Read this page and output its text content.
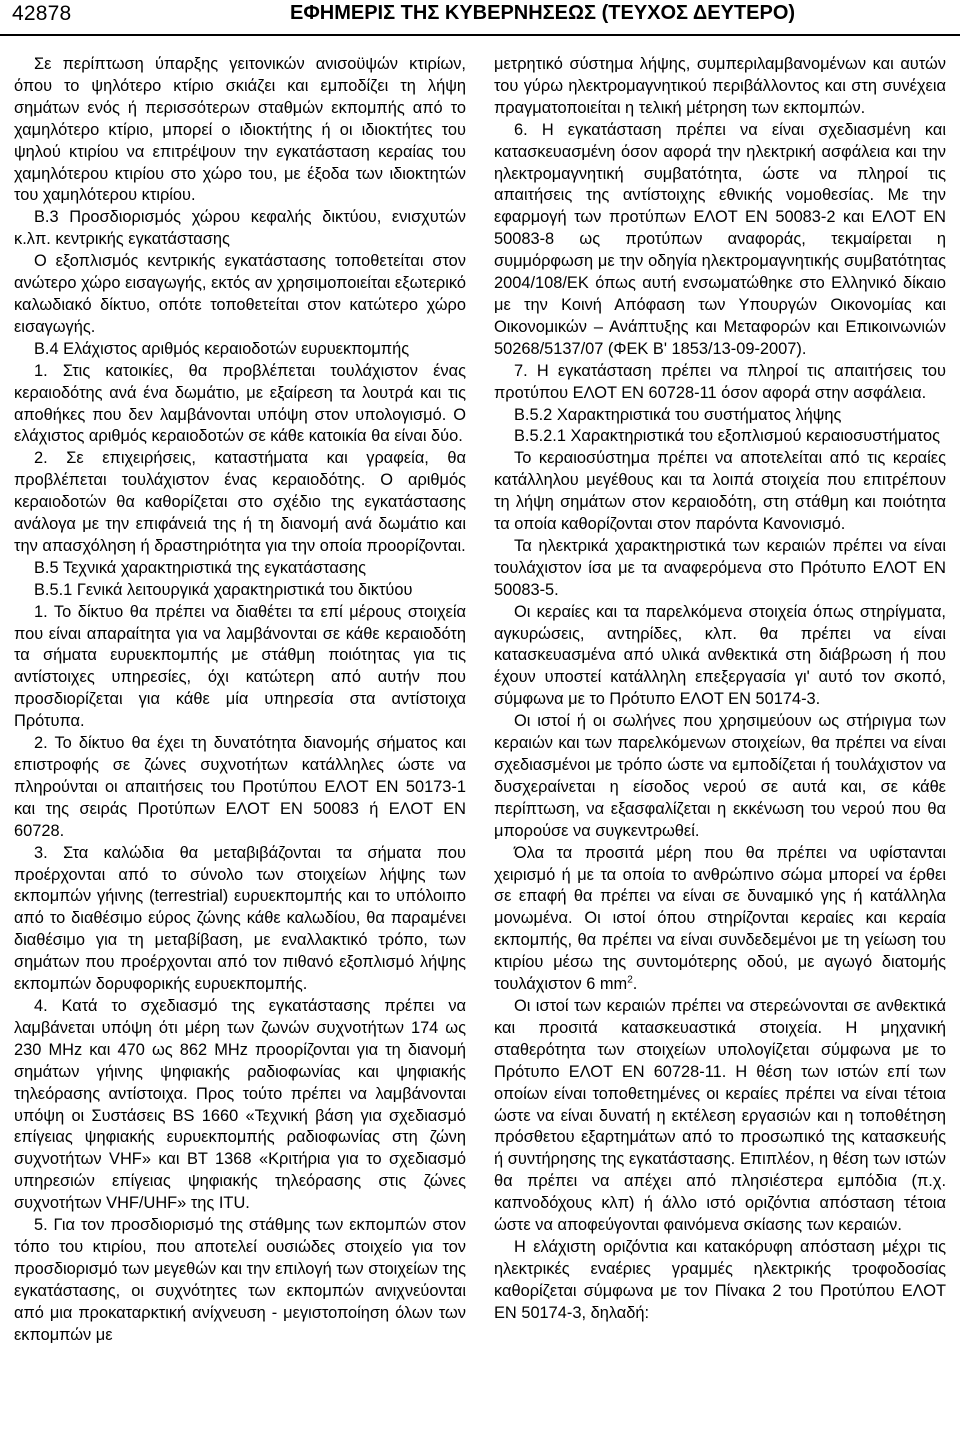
42878	ΕΦΗΜΕΡΙΣ ΤΗΣ ΚΥΒΕΡΝΗΣΕΩΣ (ΤΕΥΧΟΣ ΔΕΥΤΕΡΟ)

Σε περίπτωση ύπαρξης γειτονικών ανισοϋψών κτιρίων, όπου το ψηλότερο κτίριο σκιάζει και εμποδίζει τη λήψη σημάτων ενός ή περισσότερων σταθμών εκπομπής από το χαμηλότερο κτίριο, μπορεί ο ιδιοκτήτης ή οι ιδιοκτήτες του ψηλού κτιρίου να επιτρέψουν την εγκατάσταση κεραίας του χαμηλότερου κτιρίου στο χώρο του, με έξοδα των ιδιοκτητών του χαμηλότερου κτιρίου.

Β.3 Προσδιορισμός χώρου κεφαλής δικτύου, ενισχυτών κ.λπ. κεντρικής εγκατάστασης

Ο εξοπλισμός κεντρικής εγκατάστασης τοποθετείται στον ανώτερο χώρο εισαγωγής, εκτός αν χρησιμοποιείται εξωτερικό καλωδιακό δίκτυο, οπότε τοποθετείται στον κατώτερο χώρο εισαγωγής.

Β.4 Ελάχιστος αριθμός κεραιοδοτών ευρυεκπομπής

1. Στις κατοικίες, θα προβλέπεται τουλάχιστον ένας κεραιοδότης ανά ένα δωμάτιο, με εξαίρεση τα λουτρά και τις αποθήκες που δεν λαμβάνονται υπόψη στον υπολογισμό. Ο ελάχιστος αριθμός κεραιοδοτών σε κάθε κατοικία θα είναι δύο.

2. Σε επιχειρήσεις, καταστήματα και γραφεία, θα προβλέπεται τουλάχιστον ένας κεραιοδότης. Ο αριθμός κεραιοδοτών θα καθορίζεται στο σχέδιο της εγκατάστασης ανάλογα με την επιφάνειά της ή τη διανομή ανά δωμάτιο και την απασχόληση ή δραστηριότητα για την οποία προορίζονται.

Β.5 Τεχνικά χαρακτηριστικά της εγκατάστασης

Β.5.1 Γενικά λειτουργικά χαρακτηριστικά του δικτύου

1. Το δίκτυο θα πρέπει να διαθέτει τα επί μέρους στοιχεία που είναι απαραίτητα για να λαμβάνονται σε κάθε κεραιοδότη τα σήματα ευρυεκπομπής με στάθμη ποιότητας για τις αντίστοιχες υπηρεσίες, όχι κατώτερη από αυτήν που προσδιορίζεται για κάθε μία υπηρεσία στα αντίστοιχα Πρότυπα.

2. Το δίκτυο θα έχει τη δυνατότητα διανομής σήματος και επιστροφής σε ζώνες συχνοτήτων κατάλληλες ώστε να πληρούνται οι απαιτήσεις του Προτύπου ΕΛΟΤ ΕΝ 50173-1 και της σειράς Προτύπων ΕΛΟΤ ΕΝ 50083 ή ΕΛΟΤ ΕΝ 60728.

3. Στα καλώδια θα μεταβιβάζονται τα σήματα που προέρχονται από το σύνολο των στοιχείων λήψης των εκπομπών γήινης (terrestrial) ευρυεκπομπής και το υπόλοιπο από το διαθέσιμο εύρος ζώνης κάθε καλωδίου, θα παραμένει διαθέσιμο για τη μεταβίβαση, με εναλλακτικό τρόπο, των σημάτων που προέρχονται από τον πιθανό εξοπλισμό λήψης εκπομπών δορυφορικής ευρυεκπομπής.

4. Κατά το σχεδιασμό της εγκατάστασης πρέπει να λαμβάνεται υπόψη ότι μέρη των ζωνών συχνοτήτων 174 ως 230 MHz και 470 ως 862 MHz προορίζονται για τη διανομή σημάτων γήινης ψηφιακής ραδιοφωνίας και ψηφιακής τηλεόρασης αντίστοιχα. Προς τούτο πρέπει να λαμβάνονται υπόψη οι Συστάσεις BS 1660 «Τεχνική βάση για σχεδιασμό επίγειας ψηφιακής ευρυεκπομπής ραδιοφωνίας στη ζώνη συχνοτήτων VHF» και BT 1368 «Κριτήρια για το σχεδιασμό υπηρεσιών επίγειας ψηφιακής τηλεόρασης στις ζώνες συχνοτήτων VHF/UHF» της ITU.

5. Για τον προσδιορισμό της στάθμης των εκπομπών στον τόπο του κτιρίου, που αποτελεί ουσιώδες στοιχείο για τον προσδιορισμό των μεγεθών και την επιλογή των στοιχείων της εγκατάστασης, οι συχνότητες των εκπομπών ανιχνεύονται από μια προκαταρκτική ανίχνευση - μεγιστοποίηση όλων των εκπομπών με

μετρητικό σύστημα λήψης, συμπεριλαμβανομένων και αυτών του γύρω ηλεκτρομαγνητικού περιβάλλοντος και στη συνέχεια πραγματοποιείται η τελική μέτρηση των εκπομπών.

6. Η εγκατάσταση πρέπει να είναι σχεδιασμένη και κατασκευασμένη όσον αφορά την ηλεκτρική ασφάλεια και την ηλεκτρομαγνητική συμβατότητα, ώστε να πληροί τις απαιτήσεις της αντίστοιχης εθνικής νομοθεσίας. Με την εφαρμογή των προτύπων ΕΛΟΤ ΕΝ 50083-2 και ΕΛΟΤ ΕΝ 50083-8 ως προτύπων αναφοράς, τεκμαίρεται η συμμόρφωση με την οδηγία ηλεκτρομαγνητικής συμβατότητας 2004/108/ΕΚ όπως αυτή ενσωματώθηκε στο Ελληνικό δίκαιο με την Κοινή Απόφαση των Υπουργών Οικονομίας και Οικονομικών – Ανάπτυξης και Μεταφορών και Επικοινωνιών 50268/5137/07 (ΦΕΚ Β' 1853/13-09-2007).

7. Η εγκατάσταση πρέπει να πληροί τις απαιτήσεις του προτύπου ΕΛΟΤ ΕΝ 60728-11 όσον αφορά στην ασφάλεια.

Β.5.2 Χαρακτηριστικά του συστήματος λήψης

Β.5.2.1 Χαρακτηριστικά του εξοπλισμού κεραιοσυστήματος

Το κεραιοσύστημα πρέπει να αποτελείται από τις κεραίες κατάλληλου μεγέθους και τα λοιπά στοιχεία που επιτρέπουν τη λήψη σημάτων στον κεραιοδότη, στη στάθμη και ποιότητα τα οποία καθορίζονται στον παρόντα Κανονισμό.

Τα ηλεκτρικά χαρακτηριστικά των κεραιών πρέπει να είναι τουλάχιστον ίσα με τα αναφερόμενα στο Πρότυπο ΕΛΟΤ ΕΝ 50083-5.

Οι κεραίες και τα παρελκόμενα στοιχεία όπως στηρίγματα, αγκυρώσεις, αντηρίδες, κλπ. θα πρέπει να είναι κατασκευασμένα από υλικά ανθεκτικά στη διάβρωση ή που έχουν υποστεί κατάλληλη επεξεργασία γι' αυτό τον σκοπό, σύμφωνα με το Πρότυπο ΕΛΟΤ ΕΝ 50174-3.

Οι ιστοί ή οι σωλήνες που χρησιμεύουν ως στήριγμα των κεραιών και των παρελκόμενων στοιχείων, θα πρέπει να είναι σχεδιασμένοι με τρόπο ώστε να εμποδίζεται ή τουλάχιστον να δυσχεραίνεται η είσοδος νερού σε αυτά και, σε κάθε περίπτωση, να εξασφαλίζεται η εκκένωση του νερού που θα μπορούσε να συγκεντρωθεί.

Όλα τα προσιτά μέρη που θα πρέπει να υφίστανται χειρισμό ή με τα οποία το ανθρώπινο σώμα μπορεί να έρθει σε επαφή θα πρέπει να είναι σε δυναμικό γης ή κατάλληλα μονωμένα. Οι ιστοί όπου στηρίζονται κεραίες και κεραία εκπομπής, θα πρέπει να είναι συνδεδεμένοι με τη γείωση του κτιρίου μέσω της συντομότερης οδού, με αγωγό διατομής τουλάχιστον 6 $mm^2$.

Οι ιστοί των κεραιών πρέπει να στερεώνονται σε ανθεκτικά και προσιτά κατασκευαστικά στοιχεία. Η μηχανική σταθερότητα των στοιχείων υπολογίζεται σύμφωνα με το Πρότυπο ΕΛΟΤ ΕΝ 60728-11. Η θέση των ιστών επί των οποίων είναι τοποθετημένες οι κεραίες πρέπει να είναι τέτοια ώστε να είναι δυνατή η εκτέλεση εργασιών και η τοποθέτηση πρόσθετου εξαρτημάτων από το προσωπικό της κατασκευής ή συντήρησης της εγκατάστασης. Επιπλέον, η θέση των ιστών θα πρέπει να απέχει από πλησιέστερα εμπόδια (π.χ. καπνοδόχους κλπ) ή άλλο ιστό οριζόντια απόσταση τέτοια ώστε να αποφεύγονται φαινόμενα σκίασης των κεραιών.

Η ελάχιστη οριζόντια και κατακόρυφη απόσταση μέχρι τις ηλεκτρικές εναέριες γραμμές ηλεκτρικής τροφοδοσίας καθορίζεται σύμφωνα με τον Πίνακα 2 του Προτύπου ΕΛΟΤ ΕΝ 50174-3, δηλαδή:
